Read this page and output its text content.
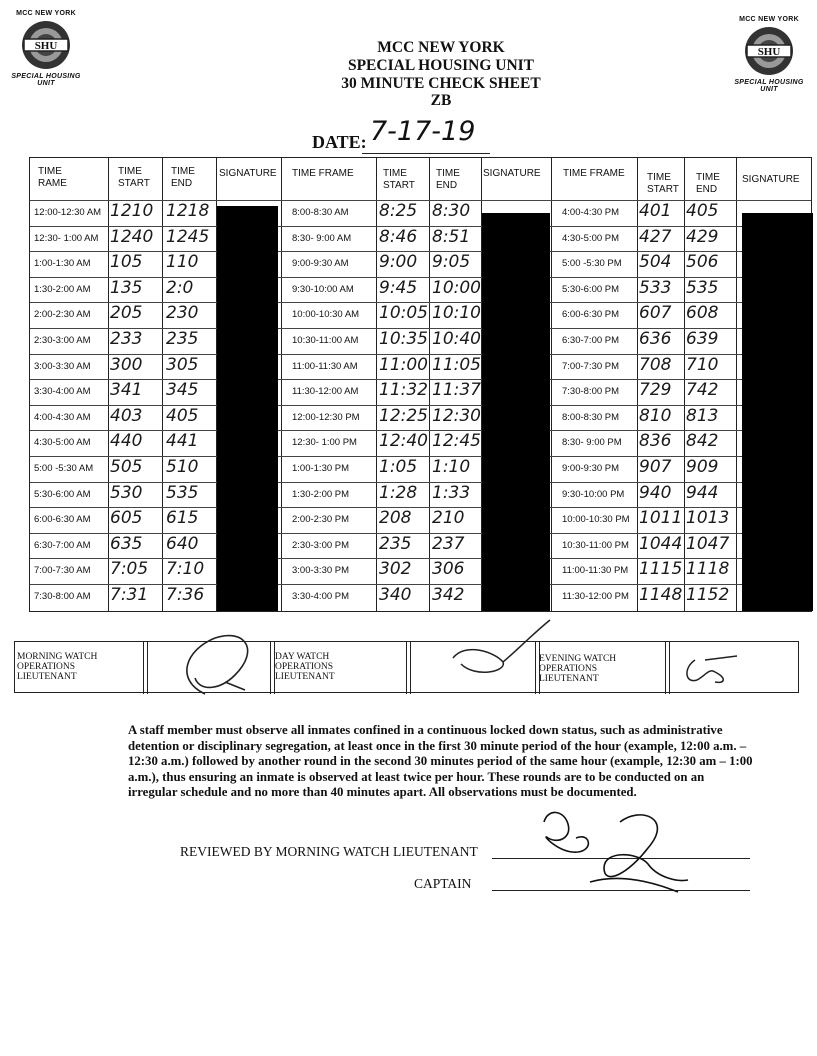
MCC NEW YORK
SHU
SPECIAL HOUSING UNIT
MCC NEW YORK
SHU
SPECIAL HOUSING UNIT
MCC NEW YORK
SPECIAL HOUSING UNIT
30 MINUTE CHECK SHEET
ZB
DATE: 7-17-19
TIME
RAME
TIME
START
TIME
END
SIGNATURE TIME FRAME	TIME
START
TIME
END
SIGNATURE TIME FRAME TIME
START
TIME
END
SIGNATURE
12:00-12:30 AM 1210 1218	8:00-8:30 AM 8:25 8:30	4:00-4:30 PM 401 405
12:30- 1:00 AM 1240 1245	8:30- 9:00 AM 8:46 8:51	4:30-5:00 PM 427 429
1:00-1:30 AM 105 110	9:00-9:30 AM 9:00 9:05	5:00 -5:30 PM 504 506
1:30-2:00 AM 135 2:0	9:30-10:00 AM 9:45 10:00	5:30-6:00 PM 533 535
2:00-2:30 AM 205 230	10:00-10:30 AM 10:05 10:10	6:00-6:30 PM 607 608
2:30-3:00 AM 233 235	10:30-11:00 AM 10:35 10:40	6:30-7:00 PM 636 639
3:00-3:30 AM 300 305	11:00-11:30 AM 11:00 11:05	7:00-7:30 PM 708 710
3:30-4:00 AM 341 345	11:30-12:00 AM 11:32 11:37	7:30-8:00 PM 729 742
4:00-4:30 AM 403 405	12:00-12:30 PM 12:25 12:30	8:00-8:30 PM 810 813
4:30-5:00 AM 440 441	12:30- 1:00 PM 12:40 12:45	8:30- 9:00 PM 836 842
5:00 -5:30 AM 505 510	1:00-1:30 PM 1:05 1:10	9:00-9:30 PM 907 909
5:30-6:00 AM 530 535	1:30-2:00 PM 1:28 1:33	9:30-10:00 PM 940 944
6:00-6:30 AM 605 615	2:00-2:30 PM 208 210	10:00-10:30 PM 1011 1013
6:30-7:00 AM 635 640	2:30-3:00 PM 235 237	10:30-11:00 PM 1044 1047
7:00-7:30 AM 7:05 7:10	3:00-3:30 PM 302 306	11:00-11:30 PM 1115 1118
7:30-8:00 AM 7:31 7:36	3:30-4:00 PM 340 342	11:30-12:00 PM 1148 1152
MORNING WATCH
OPERATIONS
LIEUTENANT
DAY WATCH
OPERATIONS
LIEUTENANT
EVENING WATCH
OPERATIONS
LIEUTENANT
A staff member must observe all inmates confined in a continuous locked down status, such as administrative detention or disciplinary segregation, at least once in the first 30 minute period of the hour (example, 12:00 a.m. – 12:30 a.m.) followed by another round in the second 30 minutes period of the same hour (example, 12:30 am – 1:00 a.m.), thus ensuring an inmate is observed at least twice per hour. These rounds are to be conducted on an irregular schedule and no more than 40 minutes apart. All observations must be documented.
REVIEWED BY MORNING WATCH LIEUTENANT
CAPTAIN
